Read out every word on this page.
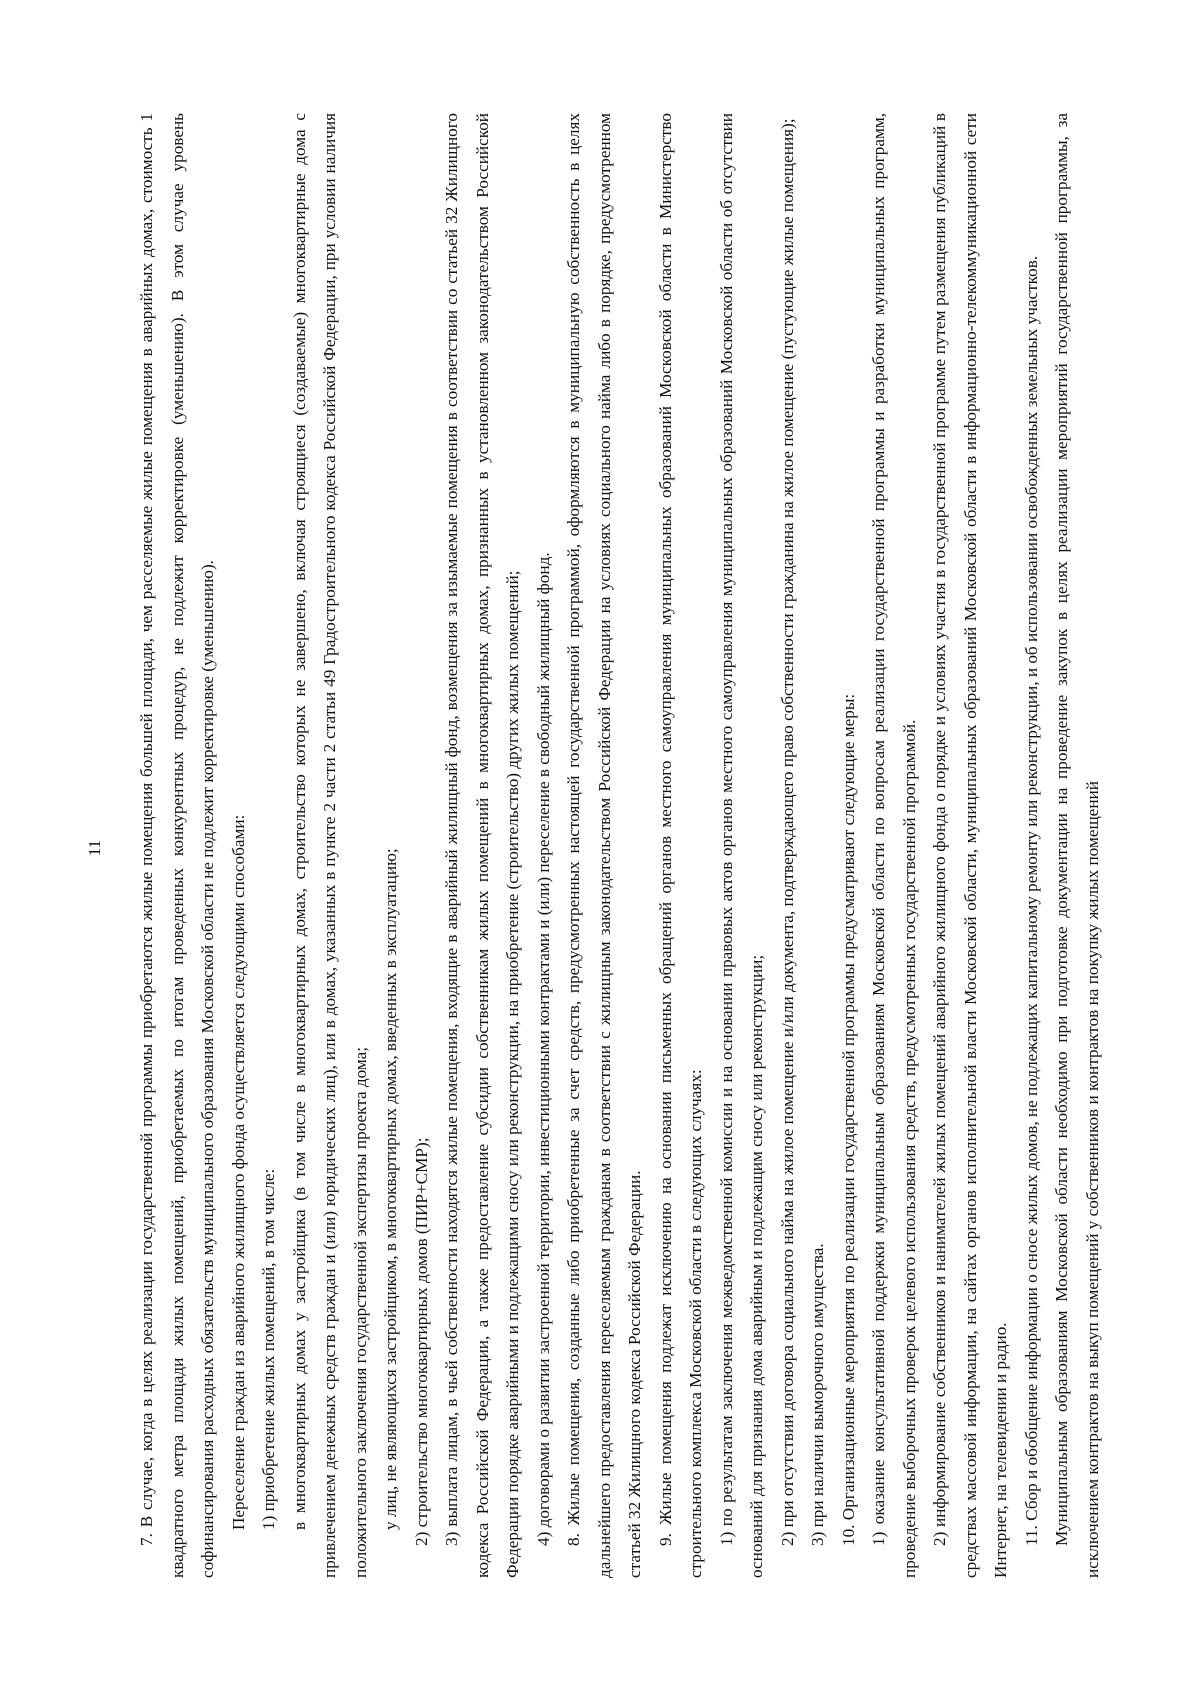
11	7. В случае, когда в целях реализации государственной программы приобретаются жилые помещения большей площади, чем расселяемые жилые помещения в аварийных домах, стоимость 1 квадратного метра площади жилых помещений, приобретаемых по итогам проведенных конкурентных процедур, не подлежит корректировке (уменьшению). В этом случае уровень софинансирования расходных обязательств муниципального образования Московской области не подлежит корректировке (уменьшению). Переселение граждан из аварийного жилищного фонда осуществляется следующими способами: 1) приобретение жилых помещений, в том числе: в многоквартирных домах у застройщика (в том числе в многоквартирных домах, строительство которых не завершено, включая строящиеся (создаваемые) многоквартирные дома с привлечением денежных средств граждан и (или) юридических лиц), или в домах, указанных в пункте 2 части 2 статьи 49 Градостроительного кодекса Российской Федерации, при условии наличия положительного заключения государственной экспертизы проекта дома; у лиц, не являющихся застройщиком, в многоквартирных домах, введенных в эксплуатацию; 2) строительство многоквартирных домов (ПИР+СМР); 3) выплата лицам, в чьей собственности находятся жилые помещения, входящие в аварийный жилищный фонд, возмещения за изымаемые помещения в соответствии со статьей 32 Жилищного кодекса Российской Федерации, а также предоставление субсидии собственникам жилых помещений в многоквартирных домах, признанных в установленном законодательством Российской Федерации порядке аварийными и подлежащими сносу или реконструкции, на приобретение (строительство) других жилых помещений; 4) договорами о развитии застроенной территории, инвестиционными контрактами и (или) переселение в свободный жилищный фонд. 8. Жилые помещения, созданные либо приобретенные за счет средств, предусмотренных настоящей государственной программой, оформляются в муниципальную собственность в целях дальнейшего предоставления переселяемым гражданам в соответствии с жилищным законодательством Российской Федерации на условиях социального найма либо в порядке, предусмотренном статьей 32 Жилищного кодекса Российской Федерации. 9. Жилые помещения подлежат исключению на основании письменных обращений органов местного самоуправления муниципальных образований Московской области в Министерство строительного комплекса Московской области в следующих случаях: 1) по результатам заключения межведомственной комиссии и на основании правовых актов органов местного самоуправления муниципальных образований Московской области об отсутствии оснований для признания дома аварийным и подлежащим сносу или реконструкции; 2) при отсутствии договора социального найма на жилое помещение и/или документа, подтверждающего право собственности гражданина на жилое помещение (пустующие жилые помещения); 3) при наличии выморочного имущества. 10. Организационные мероприятия по реализации государственной программы предусматривают следующие меры: 1) оказание консультативной поддержки муниципальным образованиям Московской области по вопросам реализации государственной программы и разработки муниципальных программ, проведение выборочных проверок целевого использования средств, предусмотренных государственной программой. 2) информирование собственников и нанимателей жилых помещений аварийного жилищного фонда о порядке и условиях участия в государственной программе путем размещения публикаций в средствах массовой информации, на сайтах органов исполнительной власти Московской области, муниципальных образований Московской области в информационно-телекоммуникационной сети Интернет, на телевидении и радио. 11. Сбор и обобщение информации о сносе жилых домов, не подлежащих капитальному ремонту или реконструкции, и об использовании освобожденных земельных участков. Муниципальным образованиям Московской области необходимо при подготовке документации на проведение закупок в целях реализации мероприятий государственной программы, за исключением контрактов на выкуп помещений у собственников и контрактов на покупку жилых помещений
